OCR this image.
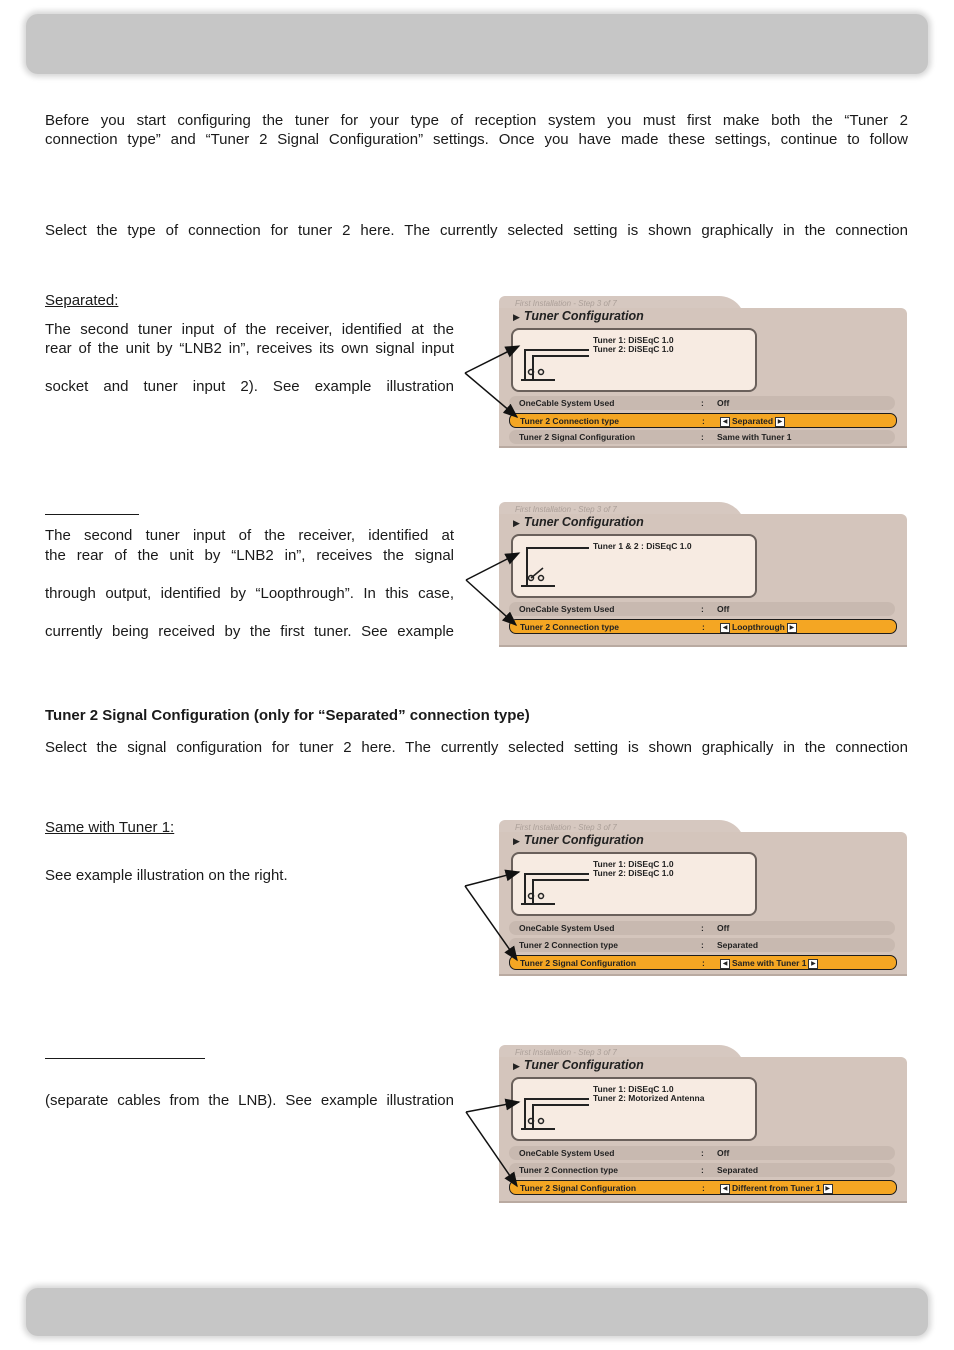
Before you start configuring the tuner for your type of reception system you must first make both the “Tuner 2

connection type” and “Tuner 2 Signal Configuration” settings. Once you have made these settings, continue to follow

Select the type of connection for tuner 2 here. The currently selected setting is shown graphically in the connection

Separated:

The second tuner input of the receiver, identified at the

rear of the unit by “LNB2 in”, receives its own signal input

socket and tuner input 2). See example illustration

The second tuner input of the receiver, identified at

the rear of the unit by “LNB2 in”, receives the signal

through output, identified by “Loopthrough”. In this case,

currently being received by the first tuner. See example

Tuner 2 Signal Configuration (only for “Separated” connection type)

Select the signal configuration for tuner 2 here. The currently selected setting is shown graphically in the connection

Same with Tuner 1:

See example illustration on the right.

(separate cables from the LNB). See example illustration

First Installation - Step 3 of 7
▶ Tuner Configuration
Tuner 1: DiSEqC 1.0
Tuner 2: DiSEqC 1.0
OneCable System Used	: Off
Tuner 2 Connection type	:	◀ Separated ▶
Tuner 2 Signal Configuration	: Same with Tuner 1
First Installation - Step 3 of 7
▶ Tuner Configuration
Tuner 1 & 2 : DiSEqC 1.0
OneCable System Used	: Off
Tuner 2 Connection type	:	◀ Loopthrough ▶
First Installation - Step 3 of 7
▶ Tuner Configuration
Tuner 1: DiSEqC 1.0
Tuner 2: DiSEqC 1.0
OneCable System Used	: Off
Tuner 2 Connection type	: Separated
Tuner 2 Signal Configuration	:	◀ Same with Tuner 1 ▶
First Installation - Step 3 of 7
▶ Tuner Configuration
Tuner 1: DiSEqC 1.0
Tuner 2: Motorized Antenna
OneCable System Used	: Off
Tuner 2 Connection type	: Separated
Tuner 2 Signal Configuration	:	◀ Different from Tuner 1 ▶
